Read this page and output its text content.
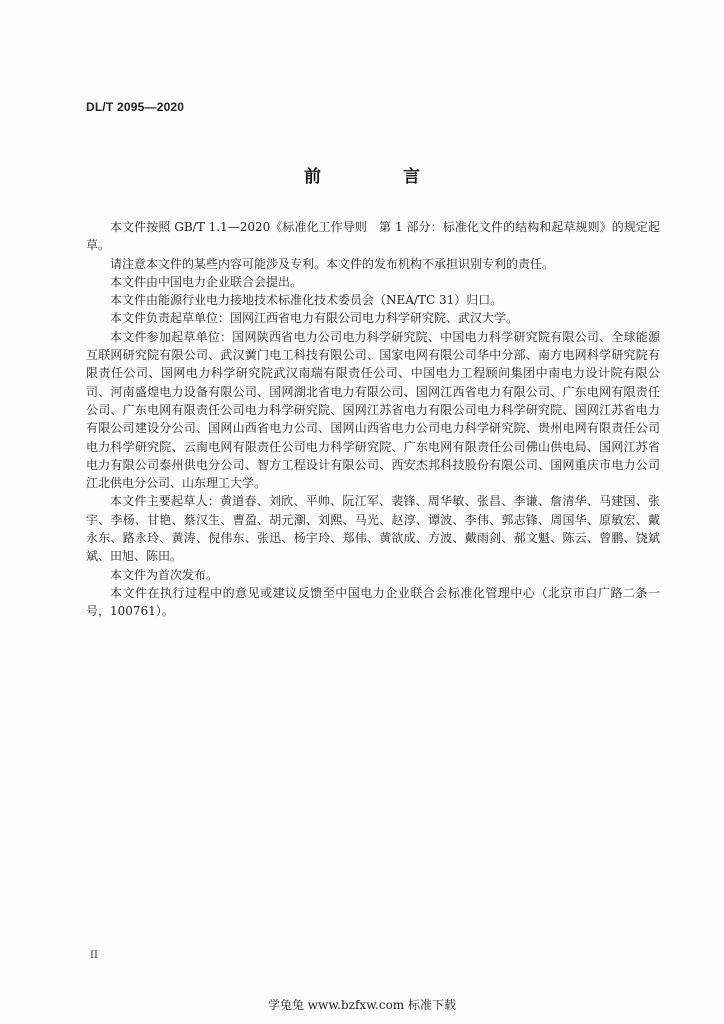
DL/T 2095—2020
前 言

本文件按照 GB/T 1.1—2020《标准化工作导则　第 1 部分：标准化文件的结构和起草规则》的规定起草。

请注意本文件的某些内容可能涉及专利。本文件的发布机构不承担识别专利的责任。

本文件由中国电力企业联合会提出。

本文件由能源行业电力接地技术标准化技术委员会（NEA/TC 31）归口。

本文件负责起草单位：国网江西省电力有限公司电力科学研究院、武汉大学。

本文件参加起草单位：国网陕西省电力公司电力科学研究院、中国电力科学研究院有限公司、全球能源互联网研究院有限公司、武汉黉门电工科技有限公司、国家电网有限公司华中分部、南方电网科学研究院有限责任公司、国网电力科学研究院武汉南瑞有限责任公司、中国电力工程顾问集团中南电力设计院有限公司、河南盛煌电力设备有限公司、国网湖北省电力有限公司、国网江西省电力有限公司、广东电网有限责任公司、广东电网有限责任公司电力科学研究院、国网江苏省电力有限公司电力科学研究院、国网江苏省电力有限公司建设分公司、国网山西省电力公司、国网山西省电力公司电力科学研究院、贵州电网有限责任公司电力科学研究院、云南电网有限责任公司电力科学研究院、广东电网有限责任公司佛山供电局、国网江苏省电力有限公司泰州供电分公司、智方工程设计有限公司、西安杰邦科技股份有限公司、国网重庆市电力公司江北供电分公司、山东理工大学。

本文件主要起草人：黄道春、刘欣、平帅、阮江军、裴锋、周华敏、张昌、李谦、詹清华、马建国、张宇、李杨、甘艳、蔡汉生、曹盈、胡元潮、刘熙、马光、赵淳、谭波、李伟、郭志锋、周国华、原敏宏、戴永东、路永玲、黄涛、倪伟东、张迅、杨宇玲、郑伟、黄欲成、方波、戴雨剑、郝文魁、陈云、曾鹏、饶斌斌、田旭、陈田。

本文件为首次发布。

本文件在执行过程中的意见或建议反馈至中国电力企业联合会标准化管理中心（北京市白广路二条一号，100761）。

II
学兔兔 www.bzfxw.com 标准下载
